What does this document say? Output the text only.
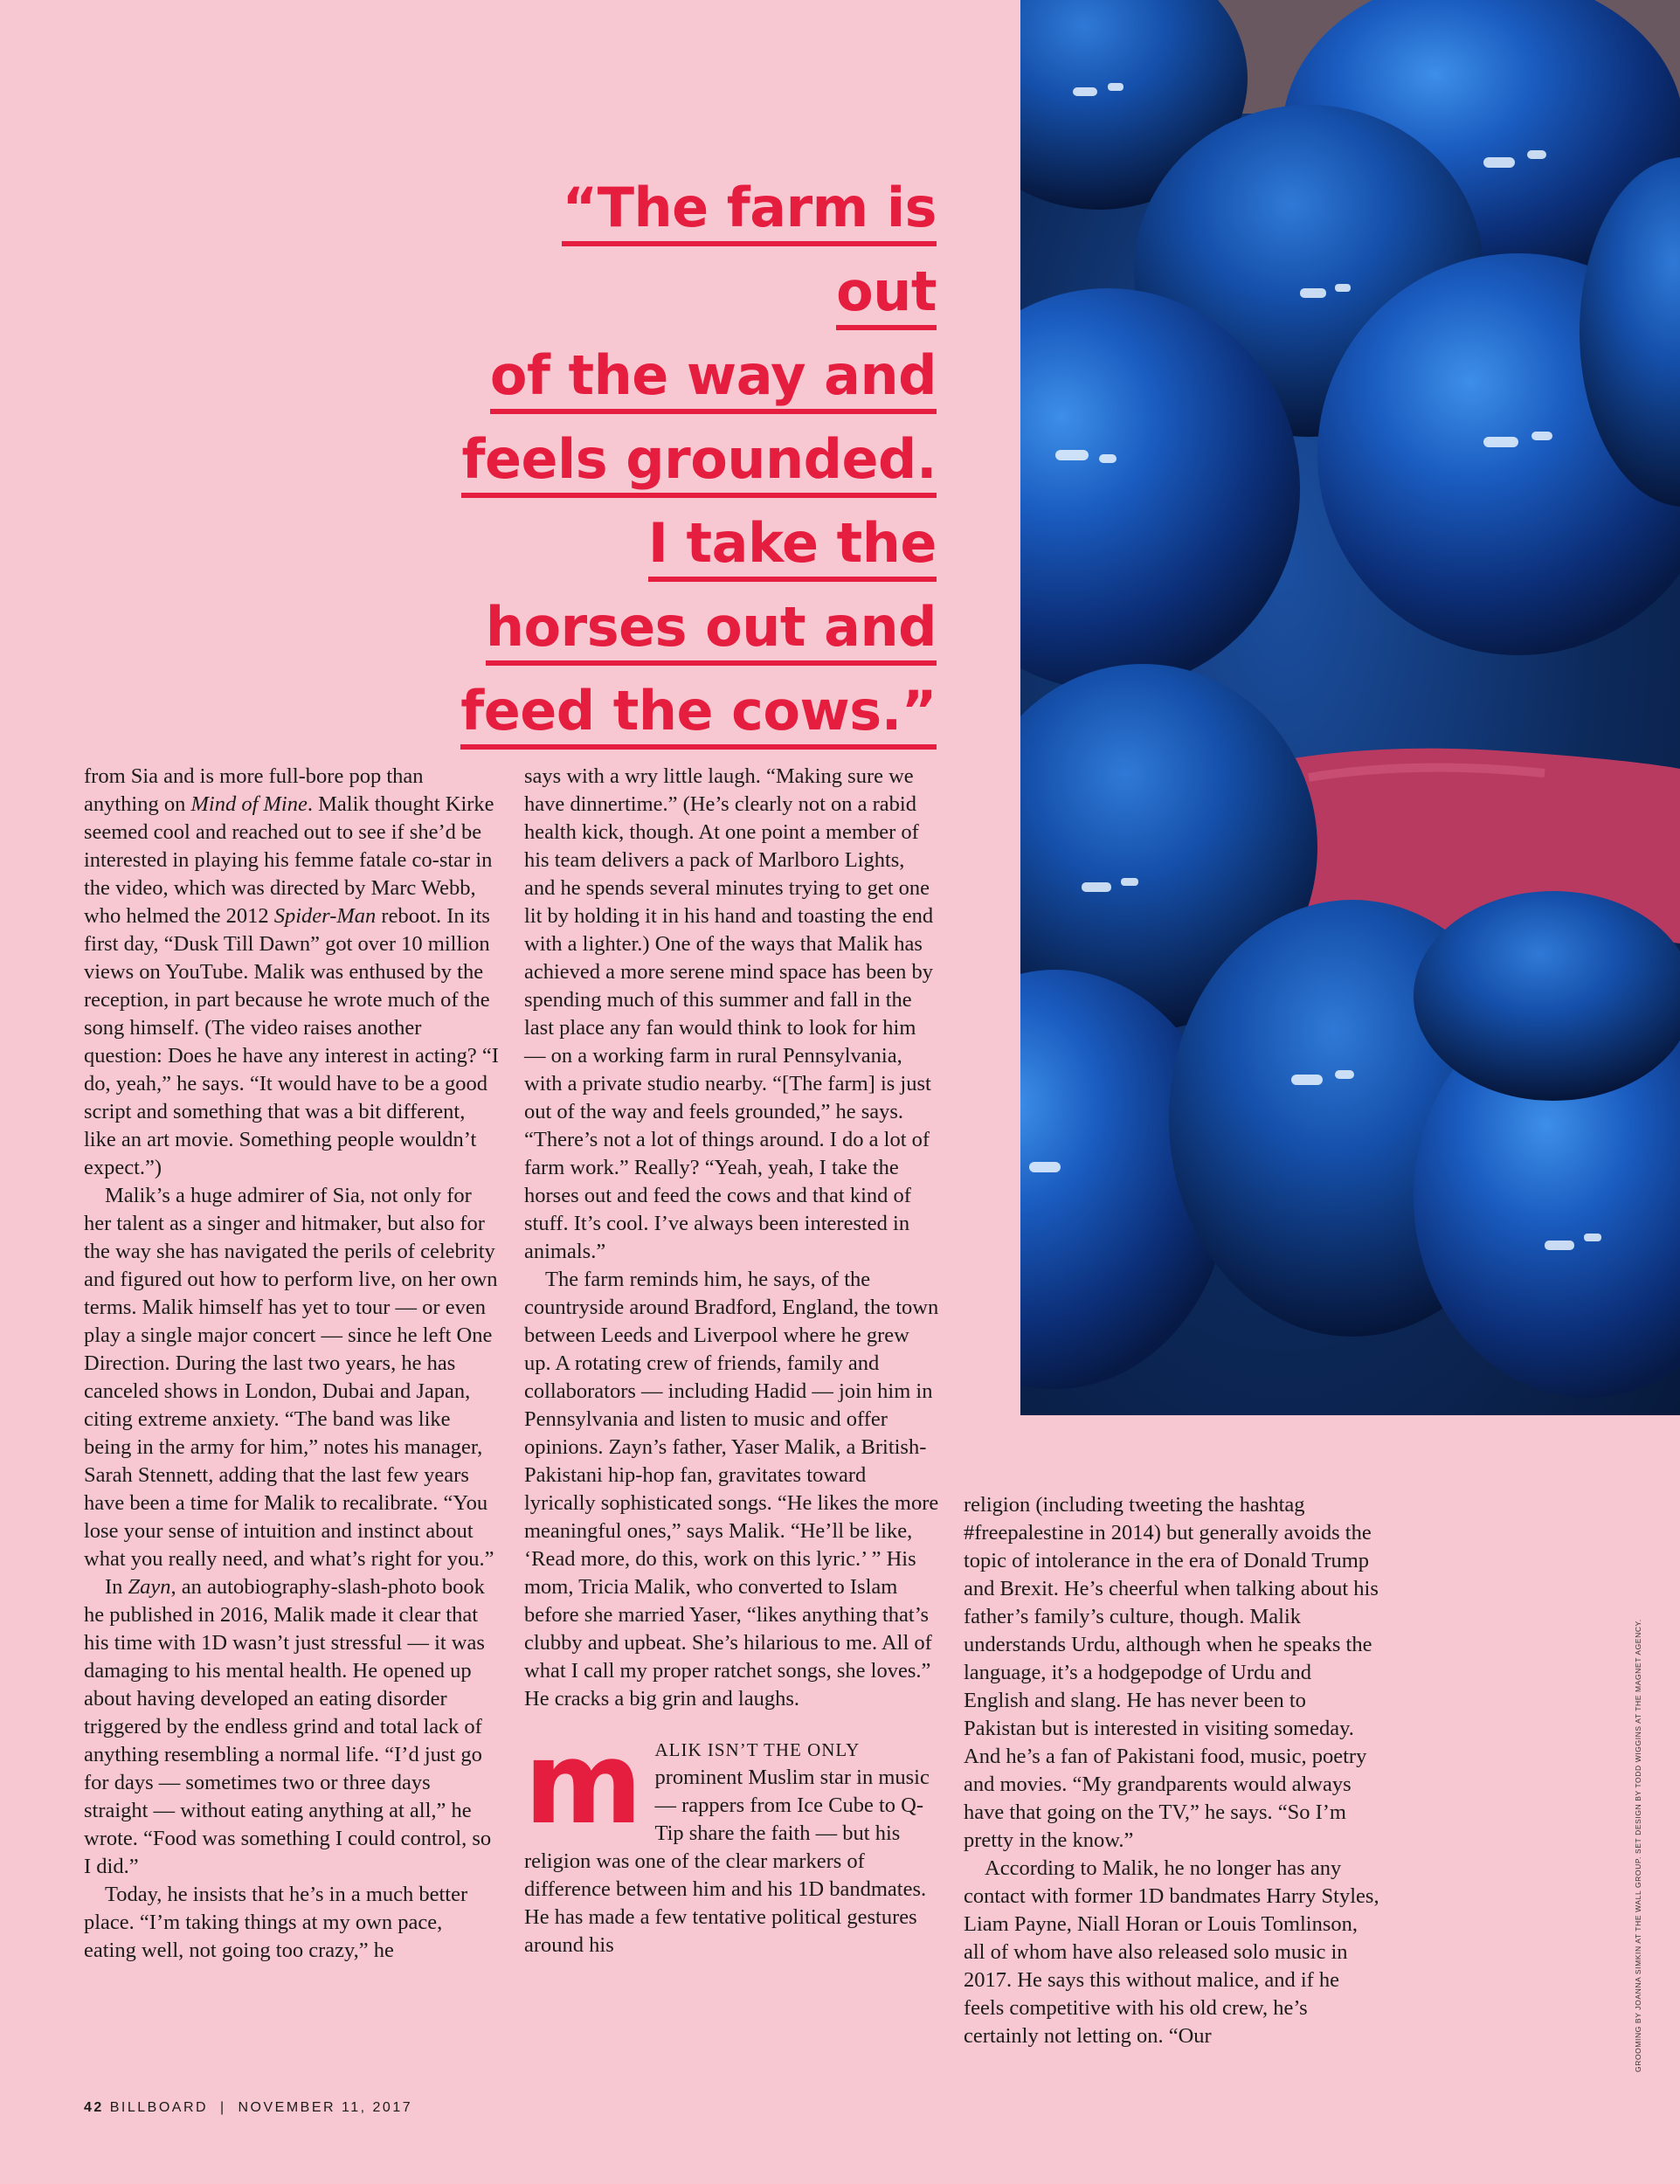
“The farm is out
of the way and
feels grounded.
I take the
horses out and
feed the cows.”

from Sia and is more full-bore pop than anything on Mind of Mine. Malik thought Kirke seemed cool and reached out to see if she’d be interested in playing his femme fatale co-star in the video, which was directed by Marc Webb, who helmed the 2012 Spider-Man reboot. In its first day, “Dusk Till Dawn” got over 10 million views on YouTube. Malik was enthused by the reception, in part because he wrote much of the song himself. (The video raises another question: Does he have any interest in acting? “I do, yeah,” he says. “It would have to be a good script and something that was a bit different, like an art movie. Something people wouldn’t expect.”)

Malik’s a huge admirer of Sia, not only for her talent as a singer and hitmaker, but also for the way she has navigated the perils of celebrity and figured out how to perform live, on her own terms. Malik himself has yet to tour — or even play a single major concert — since he left One Direction. During the last two years, he has canceled shows in London, Dubai and Japan, citing extreme anxiety. “The band was like being in the army for him,” notes his manager, Sarah Stennett, adding that the last few years have been a time for Malik to recalibrate. “You lose your sense of intuition and instinct about what you really need, and what’s right for you.”

In Zayn, an autobiography-slash-photo book he published in 2016, Malik made it clear that his time with 1D wasn’t just stressful — it was damaging to his mental health. He opened up about having developed an eating disorder triggered by the endless grind and total lack of anything resembling a normal life. “I’d just go for days — sometimes two or three days straight — without eating anything at all,” he wrote. “Food was something I could control, so I did.”

Today, he insists that he’s in a much better place. “I’m taking things at my own pace, eating well, not going too crazy,” he

says with a wry little laugh. “Making sure we have dinnertime.” (He’s clearly not on a rabid health kick, though. At one point a member of his team delivers a pack of Marlboro Lights, and he spends several minutes trying to get one lit by holding it in his hand and toasting the end with a lighter.) One of the ways that Malik has achieved a more serene mind space has been by spending much of this summer and fall in the last place any fan would think to look for him — on a working farm in rural Pennsylvania, with a private studio nearby. “[The farm] is just out of the way and feels grounded,” he says. “There’s not a lot of things around. I do a lot of farm work.” Really? “Yeah, yeah, I take the horses out and feed the cows and that kind of stuff. It’s cool. I’ve always been interested in animals.”

The farm reminds him, he says, of the countryside around Bradford, England, the town between Leeds and Liverpool where he grew up. A rotating crew of friends, family and collaborators — including Hadid — join him in Pennsylvania and listen to music and offer opinions. Zayn’s father, Yaser Malik, a British-Pakistani hip-hop fan, gravitates toward lyrically sophisticated songs. “He likes the more meaningful ones,” says Malik. “He’ll be like, ‘Read more, do this, work on this lyric.’ ” His mom, Tricia Malik, who converted to Islam before she married Yaser, “likes anything that’s clubby and upbeat. She’s hilarious to me. All of what I call my proper ratchet songs, she loves.” He cracks a big grin and laughs.

m ALIK ISN’T THE ONLY prominent Muslim star in music — rappers from Ice Cube to Q-Tip share the faith — but his religion was one of the clear markers of difference between him and his 1D bandmates. He has made a few tentative political gestures around his

religion (including tweeting the hashtag #freepalestine in 2014) but generally avoids the topic of intolerance in the era of Donald Trump and Brexit. He’s cheerful when talking about his father’s family’s culture, though. Malik understands Urdu, although when he speaks the language, it’s a hodgepodge of Urdu and English and slang. He has never been to Pakistan but is interested in visiting someday. And he’s a fan of Pakistani food, music, poetry and movies. “My grandparents would always have that going on the TV,” he says. “So I’m pretty in the know.”

According to Malik, he no longer has any contact with former 1D bandmates Harry Styles, Liam Payne, Niall Horan or Louis Tomlinson, all of whom have also released solo music in 2017. He says this without malice, and if he feels competitive with his old crew, he’s certainly not letting on. “Our

42 BILLBOARD | NOVEMBER 11, 2017
GROOMING BY JOANNA SIMKIN AT THE WALL GROUP. SET DESIGN BY TODD WIGGINS AT THE MAGNET AGENCY.
